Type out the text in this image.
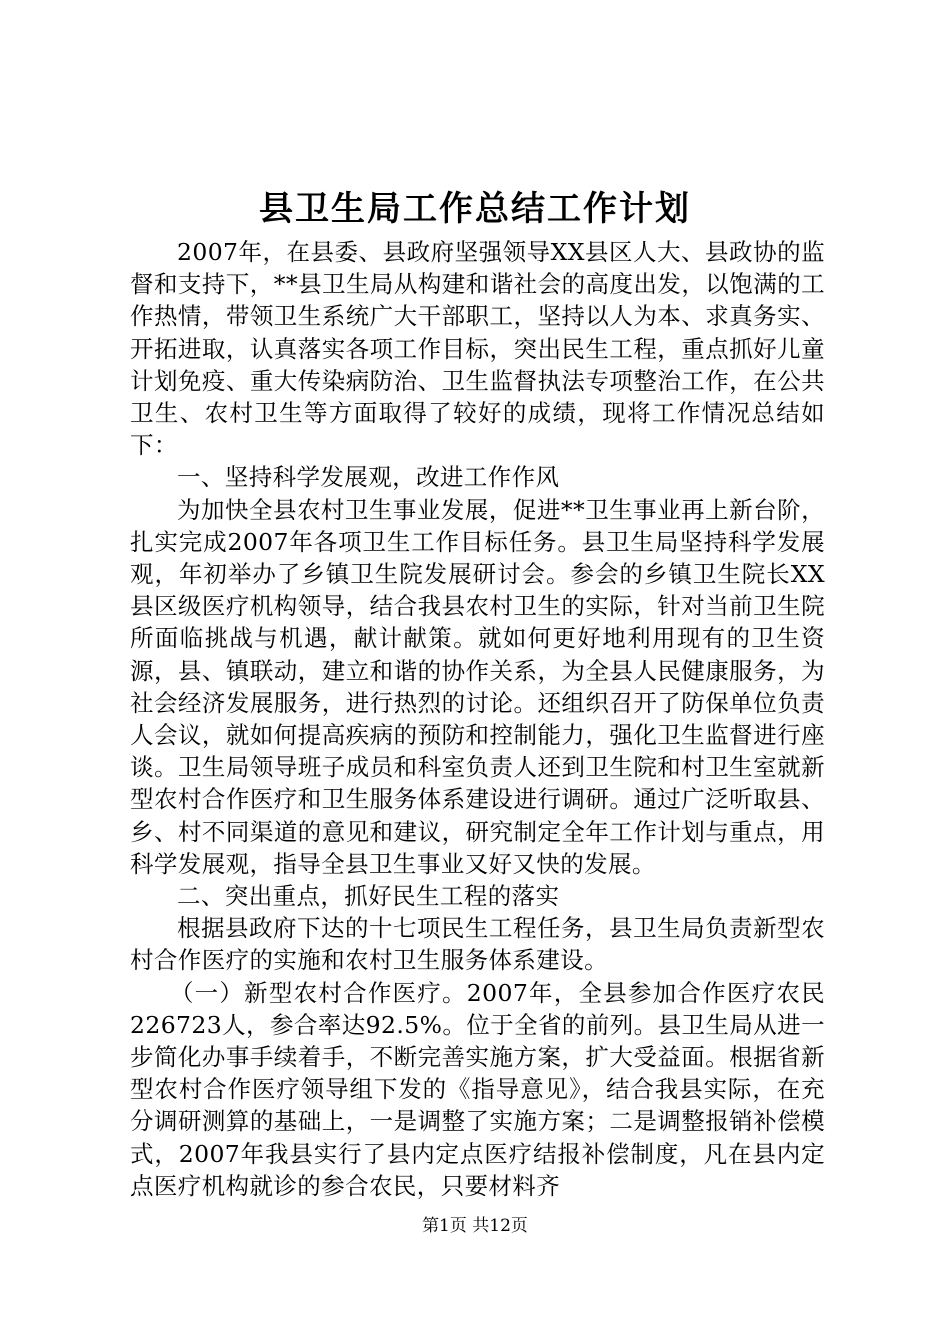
县卫生局工作总结工作计划

2007年，在县委、县政府坚强领导XX县区人大、县政协的监督和支持下，**县卫生局从构建和谐社会的高度出发，以饱满的工作热情，带领卫生系统广大干部职工，坚持以人为本、求真务实、开拓进取，认真落实各项工作目标，突出民生工程，重点抓好儿童计划免疫、重大传染病防治、卫生监督执法专项整治工作，在公共卫生、农村卫生等方面取得了较好的成绩，现将工作情况总结如下：

一、坚持科学发展观，改进工作作风

为加快全县农村卫生事业发展，促进**卫生事业再上新台阶，扎实完成2007年各项卫生工作目标任务。县卫生局坚持科学发展观，年初举办了乡镇卫生院发展研讨会。参会的乡镇卫生院长XX县区级医疗机构领导，结合我县农村卫生的实际，针对当前卫生院所面临挑战与机遇，献计献策。就如何更好地利用现有的卫生资源，县、镇联动，建立和谐的协作关系，为全县人民健康服务，为社会经济发展服务，进行热烈的讨论。还组织召开了防保单位负责人会议，就如何提高疾病的预防和控制能力，强化卫生监督进行座谈。卫生局领导班子成员和科室负责人还到卫生院和村卫生室就新型农村合作医疗和卫生服务体系建设进行调研。通过广泛听取县、乡、村不同渠道的意见和建议，研究制定全年工作计划与重点，用科学发展观，指导全县卫生事业又好又快的发展。

二、突出重点，抓好民生工程的落实

根据县政府下达的十七项民生工程任务，县卫生局负责新型农村合作医疗的实施和农村卫生服务体系建设。

（一）新型农村合作医疗。2007年，全县参加合作医疗农民226723人，参合率达92.5%。位于全省的前列。县卫生局从进一步简化办事手续着手，不断完善实施方案，扩大受益面。根据省新型农村合作医疗领导组下发的《指导意见》，结合我县实际，在充分调研测算的基础上，一是调整了实施方案；二是调整报销补偿模式，2007年我县实行了县内定点医疗结报补偿制度，凡在县内定点医疗机构就诊的参合农民，只要材料齐

第1页 共12页
